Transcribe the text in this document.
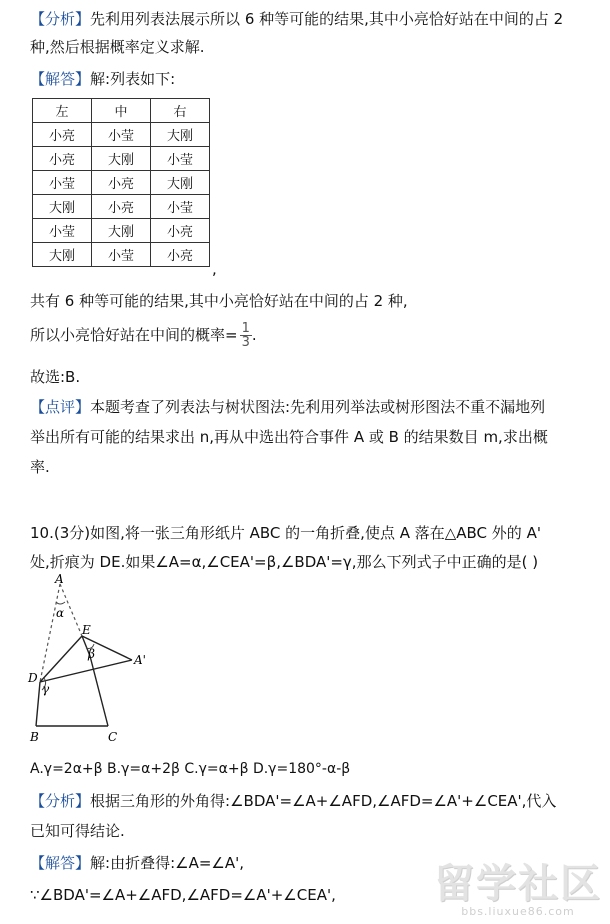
【分析】先利用列表法展示所以 6 种等可能的结果,其中小亮恰好站在中间的占 2
种,然后根据概率定义求解.
【解答】解:列表如下:
左	中	右
小亮	小莹	大刚
小亮	大刚	小莹
小莹	小亮	大刚
大刚	小亮	小莹
小莹	大刚	小亮
大刚	小莹	小亮
,
共有 6 种等可能的结果,其中小亮恰好站在中间的占 2 种,
所以小亮恰好站在中间的概率= $\frac{1}{3}$ .
故选:B.
【点评】本题考查了列表法与树状图法:先利用列举法或树形图法不重不漏地列
举出所有可能的结果求出 n,再从中选出符合事件 A 或 B 的结果数目 m,求出概
率.
10.(3分)如图,将一张三角形纸片 ABC 的一角折叠,使点 A 落在△ABC 外的 A'
处,折痕为 DE.如果∠A=α,∠CEA'=β,∠BDA'=γ,那么下列式子中正确的是( )
A
α
E
β	A'
D
γ
B	C
A.γ=2α+β B.γ=α+2β C.γ=α+β D.γ=180°-α-β
【分析】根据三角形的外角得:∠BDA'=∠A+∠AFD,∠AFD=∠A'+∠CEA',代入
已知可得结论.
【解答】解:由折叠得:∠A=∠A',
∵∠BDA'=∠A+∠AFD,∠AFD=∠A'+∠CEA', 留学社区
bbs.liuxue86.com
